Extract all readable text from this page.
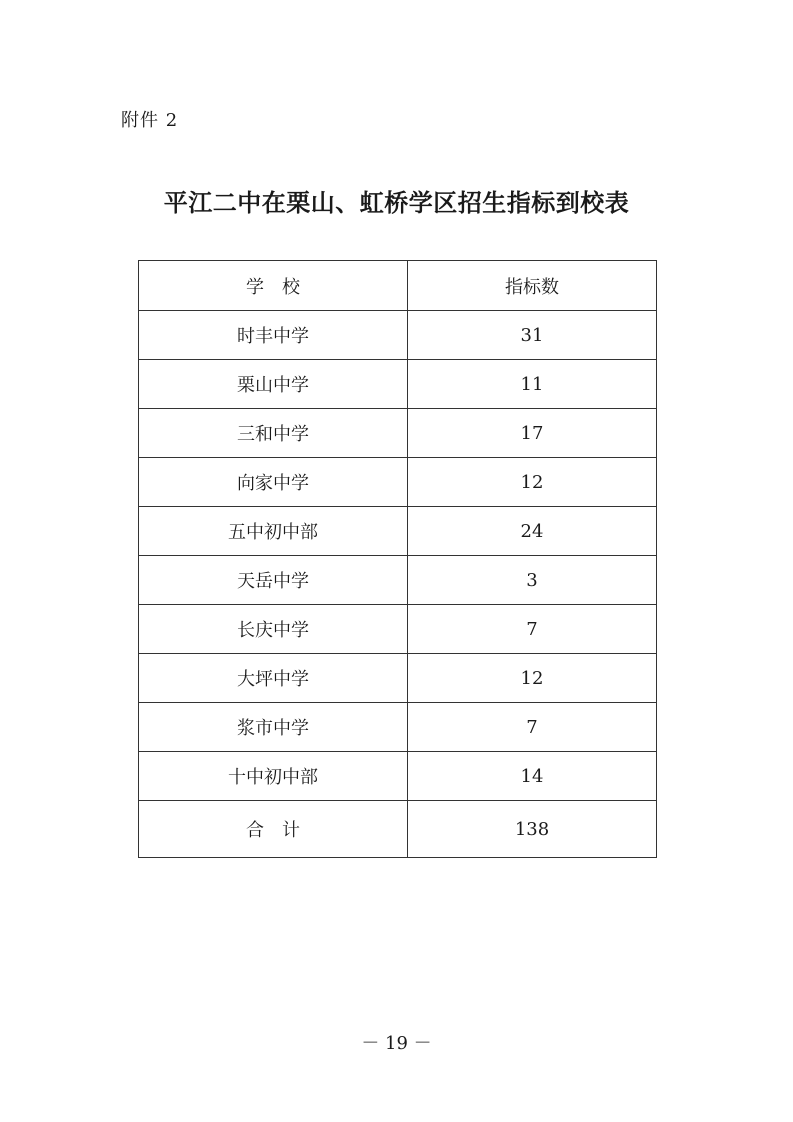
附件 2
平江二中在栗山、虹桥学区招生指标到校表
学　校	指标数
时丰中学	31
栗山中学	11
三和中学	17
向家中学	12
五中初中部	24
天岳中学	3
长庆中学	7
大坪中学	12
浆市中学	7
十中初中部	14
合　计	138
－ 19 －
